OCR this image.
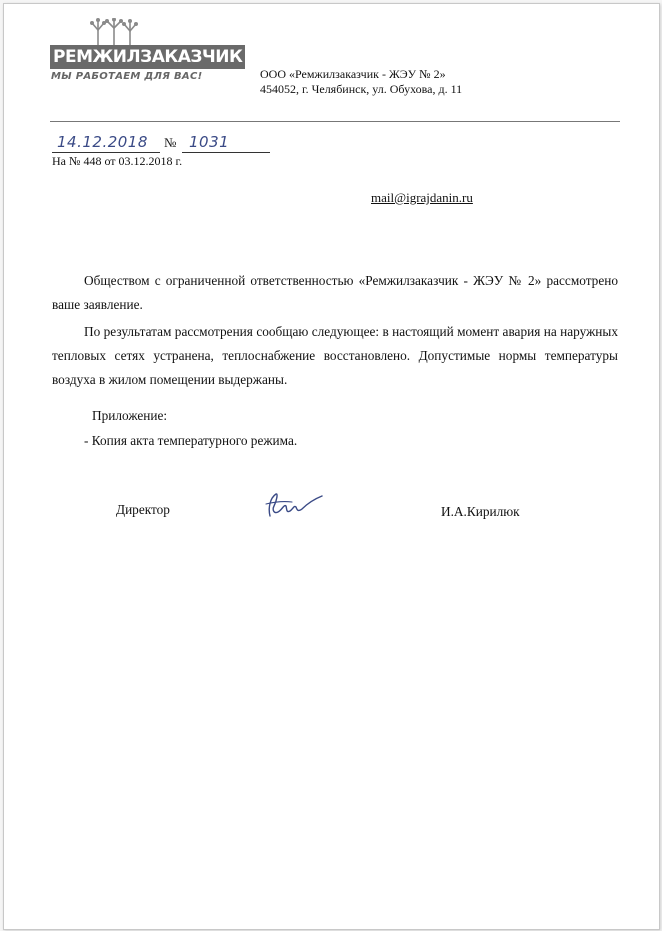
РЕМЖИЛЗАКАЗЧИК
МЫ РАБОТАЕМ ДЛЯ ВАС!	ООО «Ремжилзаказчик - ЖЭУ № 2»
454052, г. Челябинск, ул. Обухова, д. 11
14.12.2018 № 1031
На № 448 от 03.12.2018 г.
mail@igrajdanin.ru

Обществом с ограниченной ответственностью «Ремжилзаказчик - ЖЭУ № 2» рассмотрено ваше заявление.

По результатам рассмотрения сообщаю следующее: в настоящий момент авария на наружных тепловых сетях устранена, теплоснабжение восстановлено. Допустимые нормы температуры воздуха в жилом помещении выдержаны.

Приложение:
- Копия акта температурного режима.
Директор	И.А.Кирилюк
